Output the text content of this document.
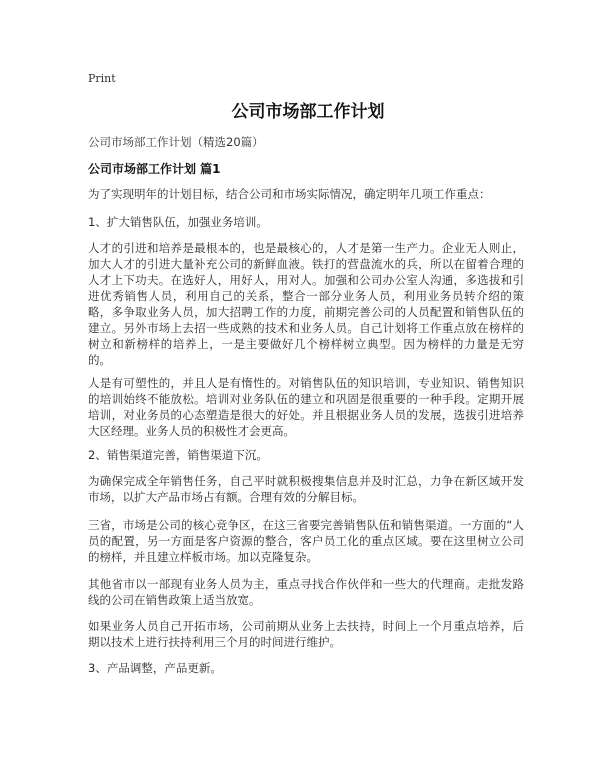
Print
公司市场部工作计划
公司市场部工作计划（精选20篇）
公司市场部工作计划 篇1

为了实现明年的计划目标，结合公司和市场实际情况，确定明年几项工作重点：

1、扩大销售队伍，加强业务培训。

人才的引进和培养是最根本的，也是最核心的，人才是第一生产力。企业无人则止，加大人才的引进大量补充公司的新鲜血液。铁打的营盘流水的兵，所以在留着合理的人才上下功夫。在选好人，用好人，用对人。加强和公司办公室人沟通，多选拔和引进优秀销售人员，利用自己的关系，整合一部分业务人员，利用业务员转介绍的策略，多争取业务人员，加大招聘工作的力度，前期完善公司的人员配置和销售队伍的建立。另外市场上去招一些成熟的技术和业务人员。自己计划将工作重点放在榜样的树立和新榜样的培养上，一是主要做好几个榜样树立典型。因为榜样的力量是无穷的。

人是有可塑性的，并且人是有惰性的。对销售队伍的知识培训，专业知识、销售知识的培训始终不能放松。培训对业务队伍的建立和巩固是很重要的一种手段。定期开展培训，对业务员的心态塑造是很大的好处。并且根据业务人员的发展，选拔引进培养大区经理。业务人员的积极性才会更高。

2、销售渠道完善，销售渠道下沉。

为确保完成全年销售任务，自己平时就积极搜集信息并及时汇总，力争在新区域开发市场，以扩大产品市场占有额。合理有效的分解目标。

三省，市场是公司的核心竞争区，在这三省要完善销售队伍和销售渠道。一方面的“人员的配置，另一方面是客户资源的整合，客户员工化的重点区域。要在这里树立公司的榜样，并且建立样板市场。加以克隆复杂。

其他省市以一部现有业务人员为主，重点寻找合作伙伴和一些大的代理商。走批发路线的公司在销售政策上适当放宽。

如果业务人员自己开拓市场，公司前期从业务上去扶持，时间上一个月重点培养，后期以技术上进行扶持利用三个月的时间进行维护。

3、产品调整，产品更新。
